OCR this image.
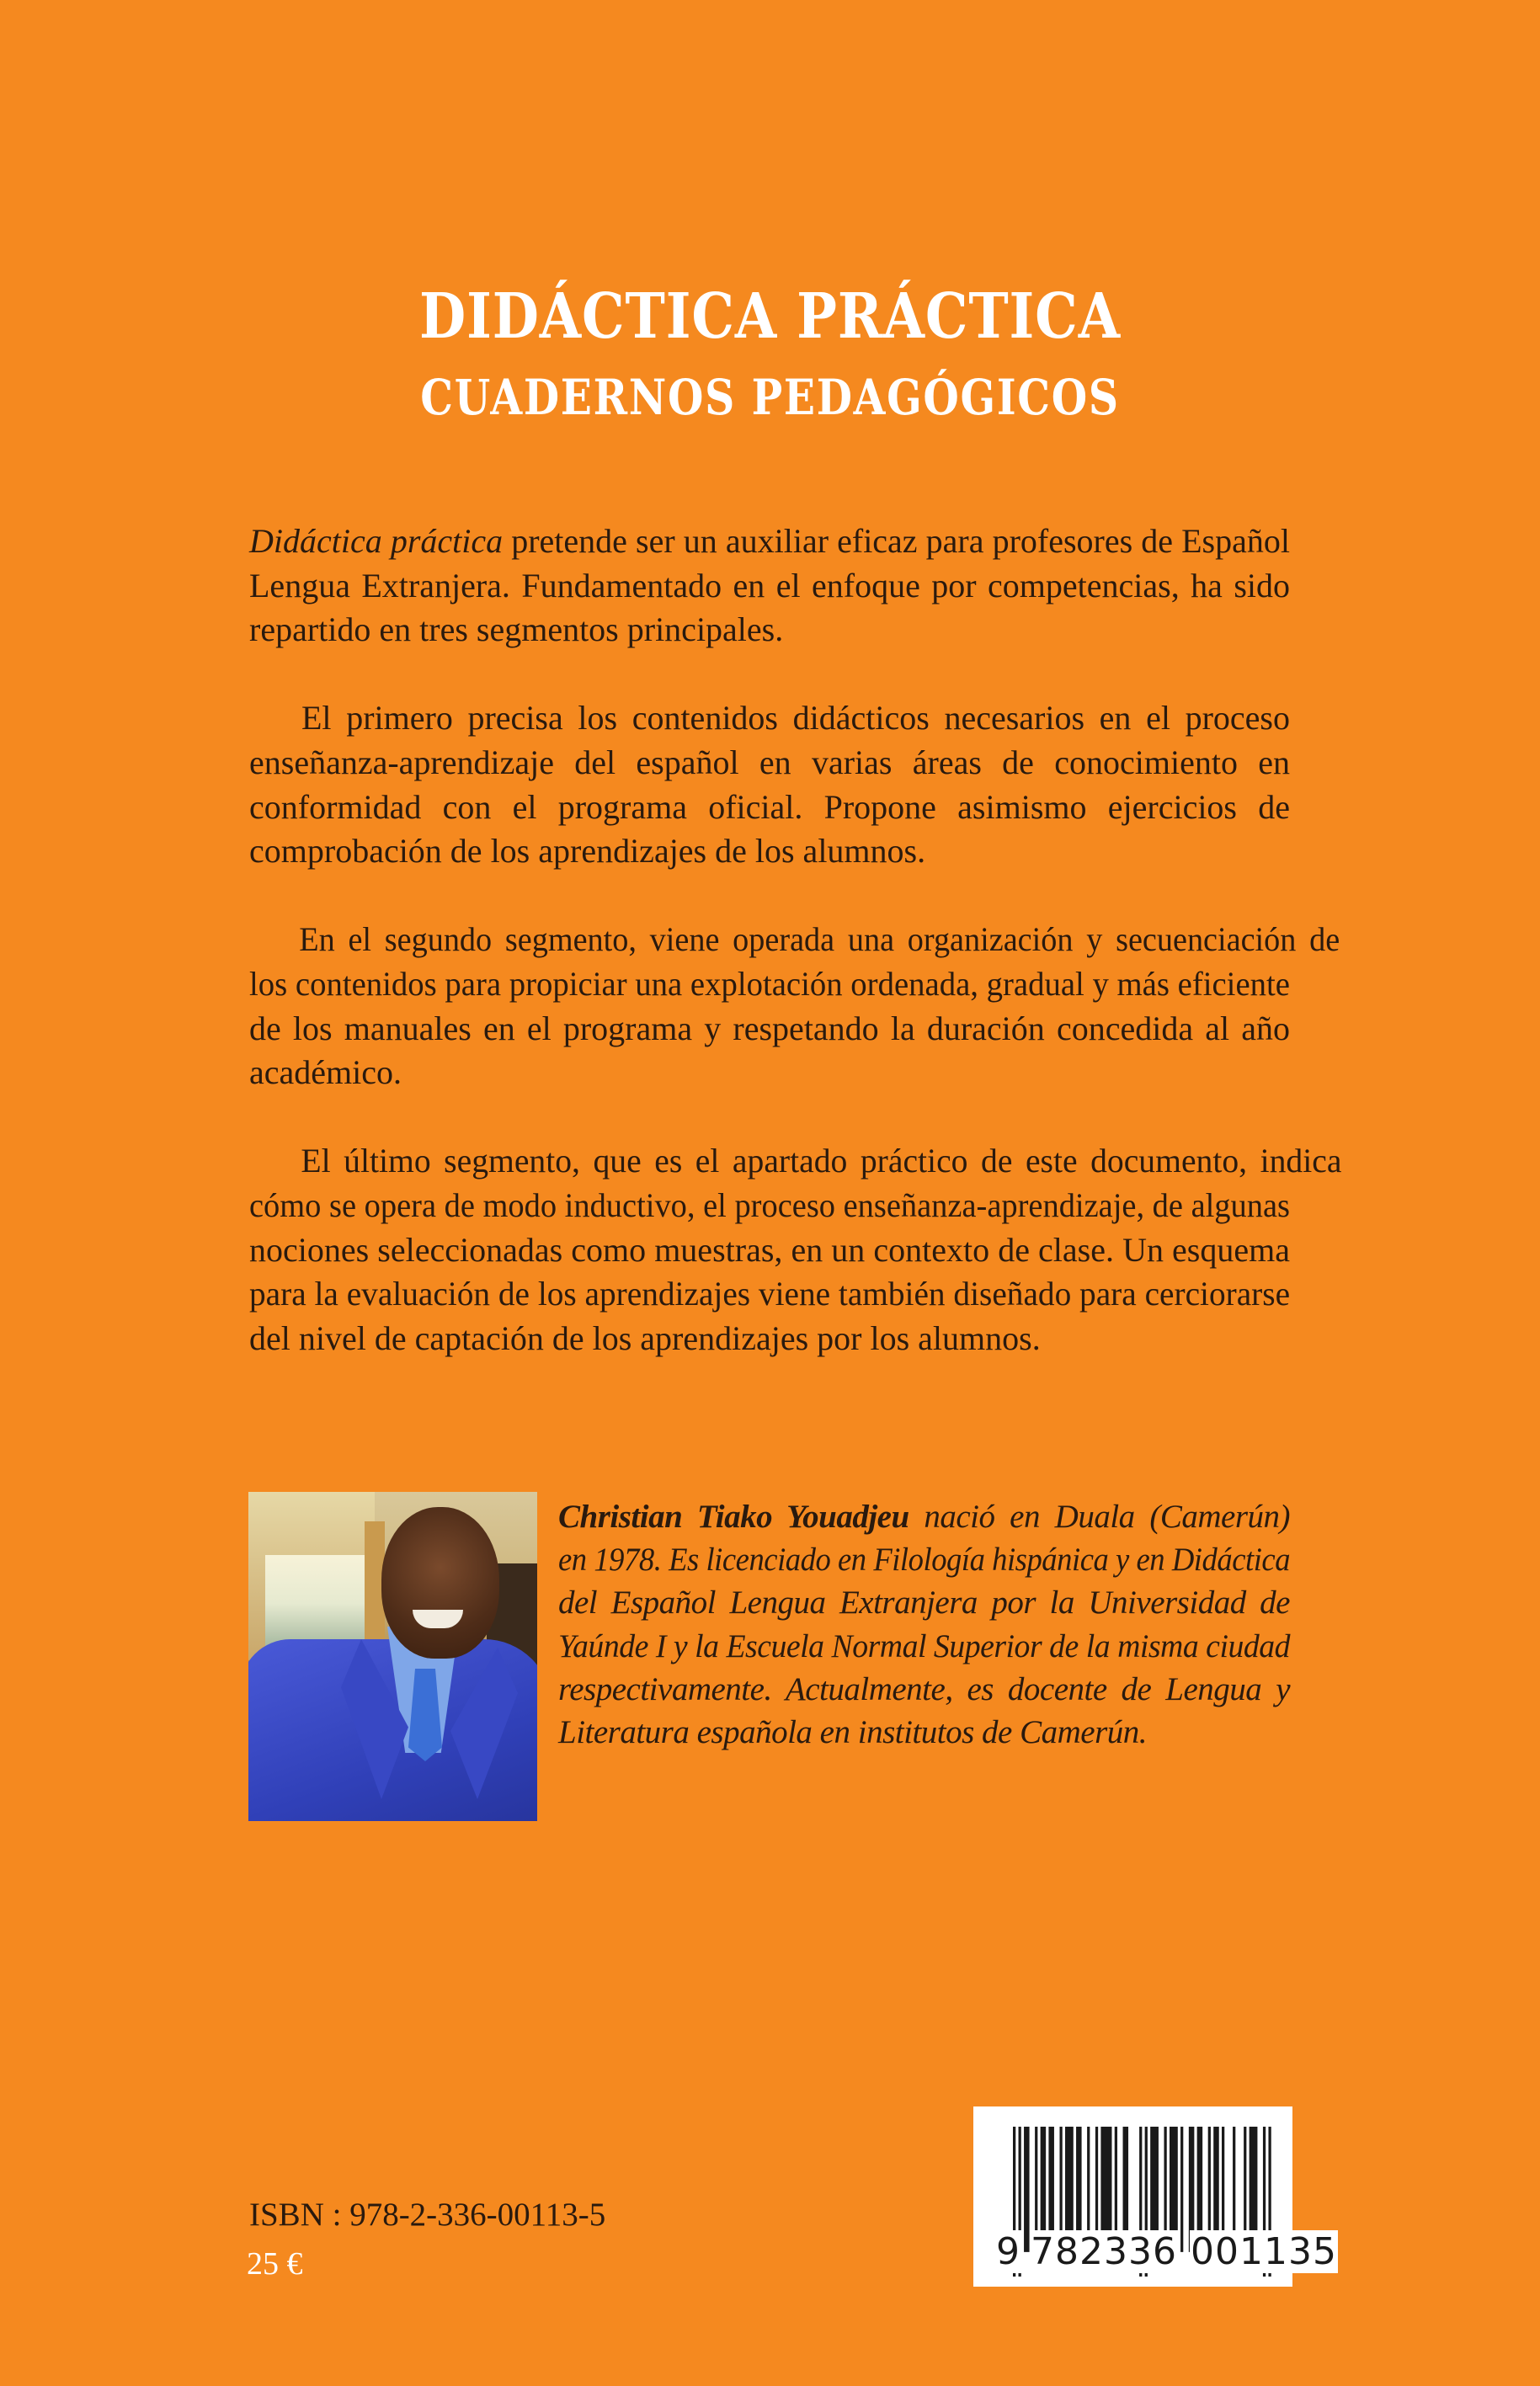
DIDÁCTICA PRÁCTICA
CUADERNOS PEDAGÓGICOS
Didáctica práctica pretende ser un auxiliar eficaz para profesores de Español
Lengua Extranjera. Fundamentado en el enfoque por competencias, ha sido
repartido en tres segmentos principales.
El primero precisa los contenidos didácticos necesarios en el proceso
enseñanza-aprendizaje del español en varias áreas de conocimiento en
conformidad con el programa oficial. Propone asimismo ejercicios de
comprobación de los aprendizajes de los alumnos.
En el segundo segmento, viene operada una organización y secuenciación de
los contenidos para propiciar una explotación ordenada, gradual y más eficiente
de los manuales en el programa y respetando la duración concedida al año
académico.
El último segmento, que es el apartado práctico de este documento, indica
cómo se opera de modo inductivo, el proceso enseñanza-aprendizaje, de algunas
nociones seleccionadas como muestras, en un contexto de clase. Un esquema
para la evaluación de los aprendizajes viene también diseñado para cerciorarse
del nivel de captación de los aprendizajes por los alumnos.
Christian Tiako Youadjeu nació en Duala (Camerún)
en 1978. Es licenciado en Filología hispánica y en Didáctica
del Español Lengua Extranjera por la Universidad de
Yaúnde I y la Escuela Normal Superior de la misma ciudad
respectivamente. Actualmente, es docente de Lengua y
Literatura española en institutos de Camerún.
ISBN : 978-2-336-00113-5
25 €	9 782336 001135
